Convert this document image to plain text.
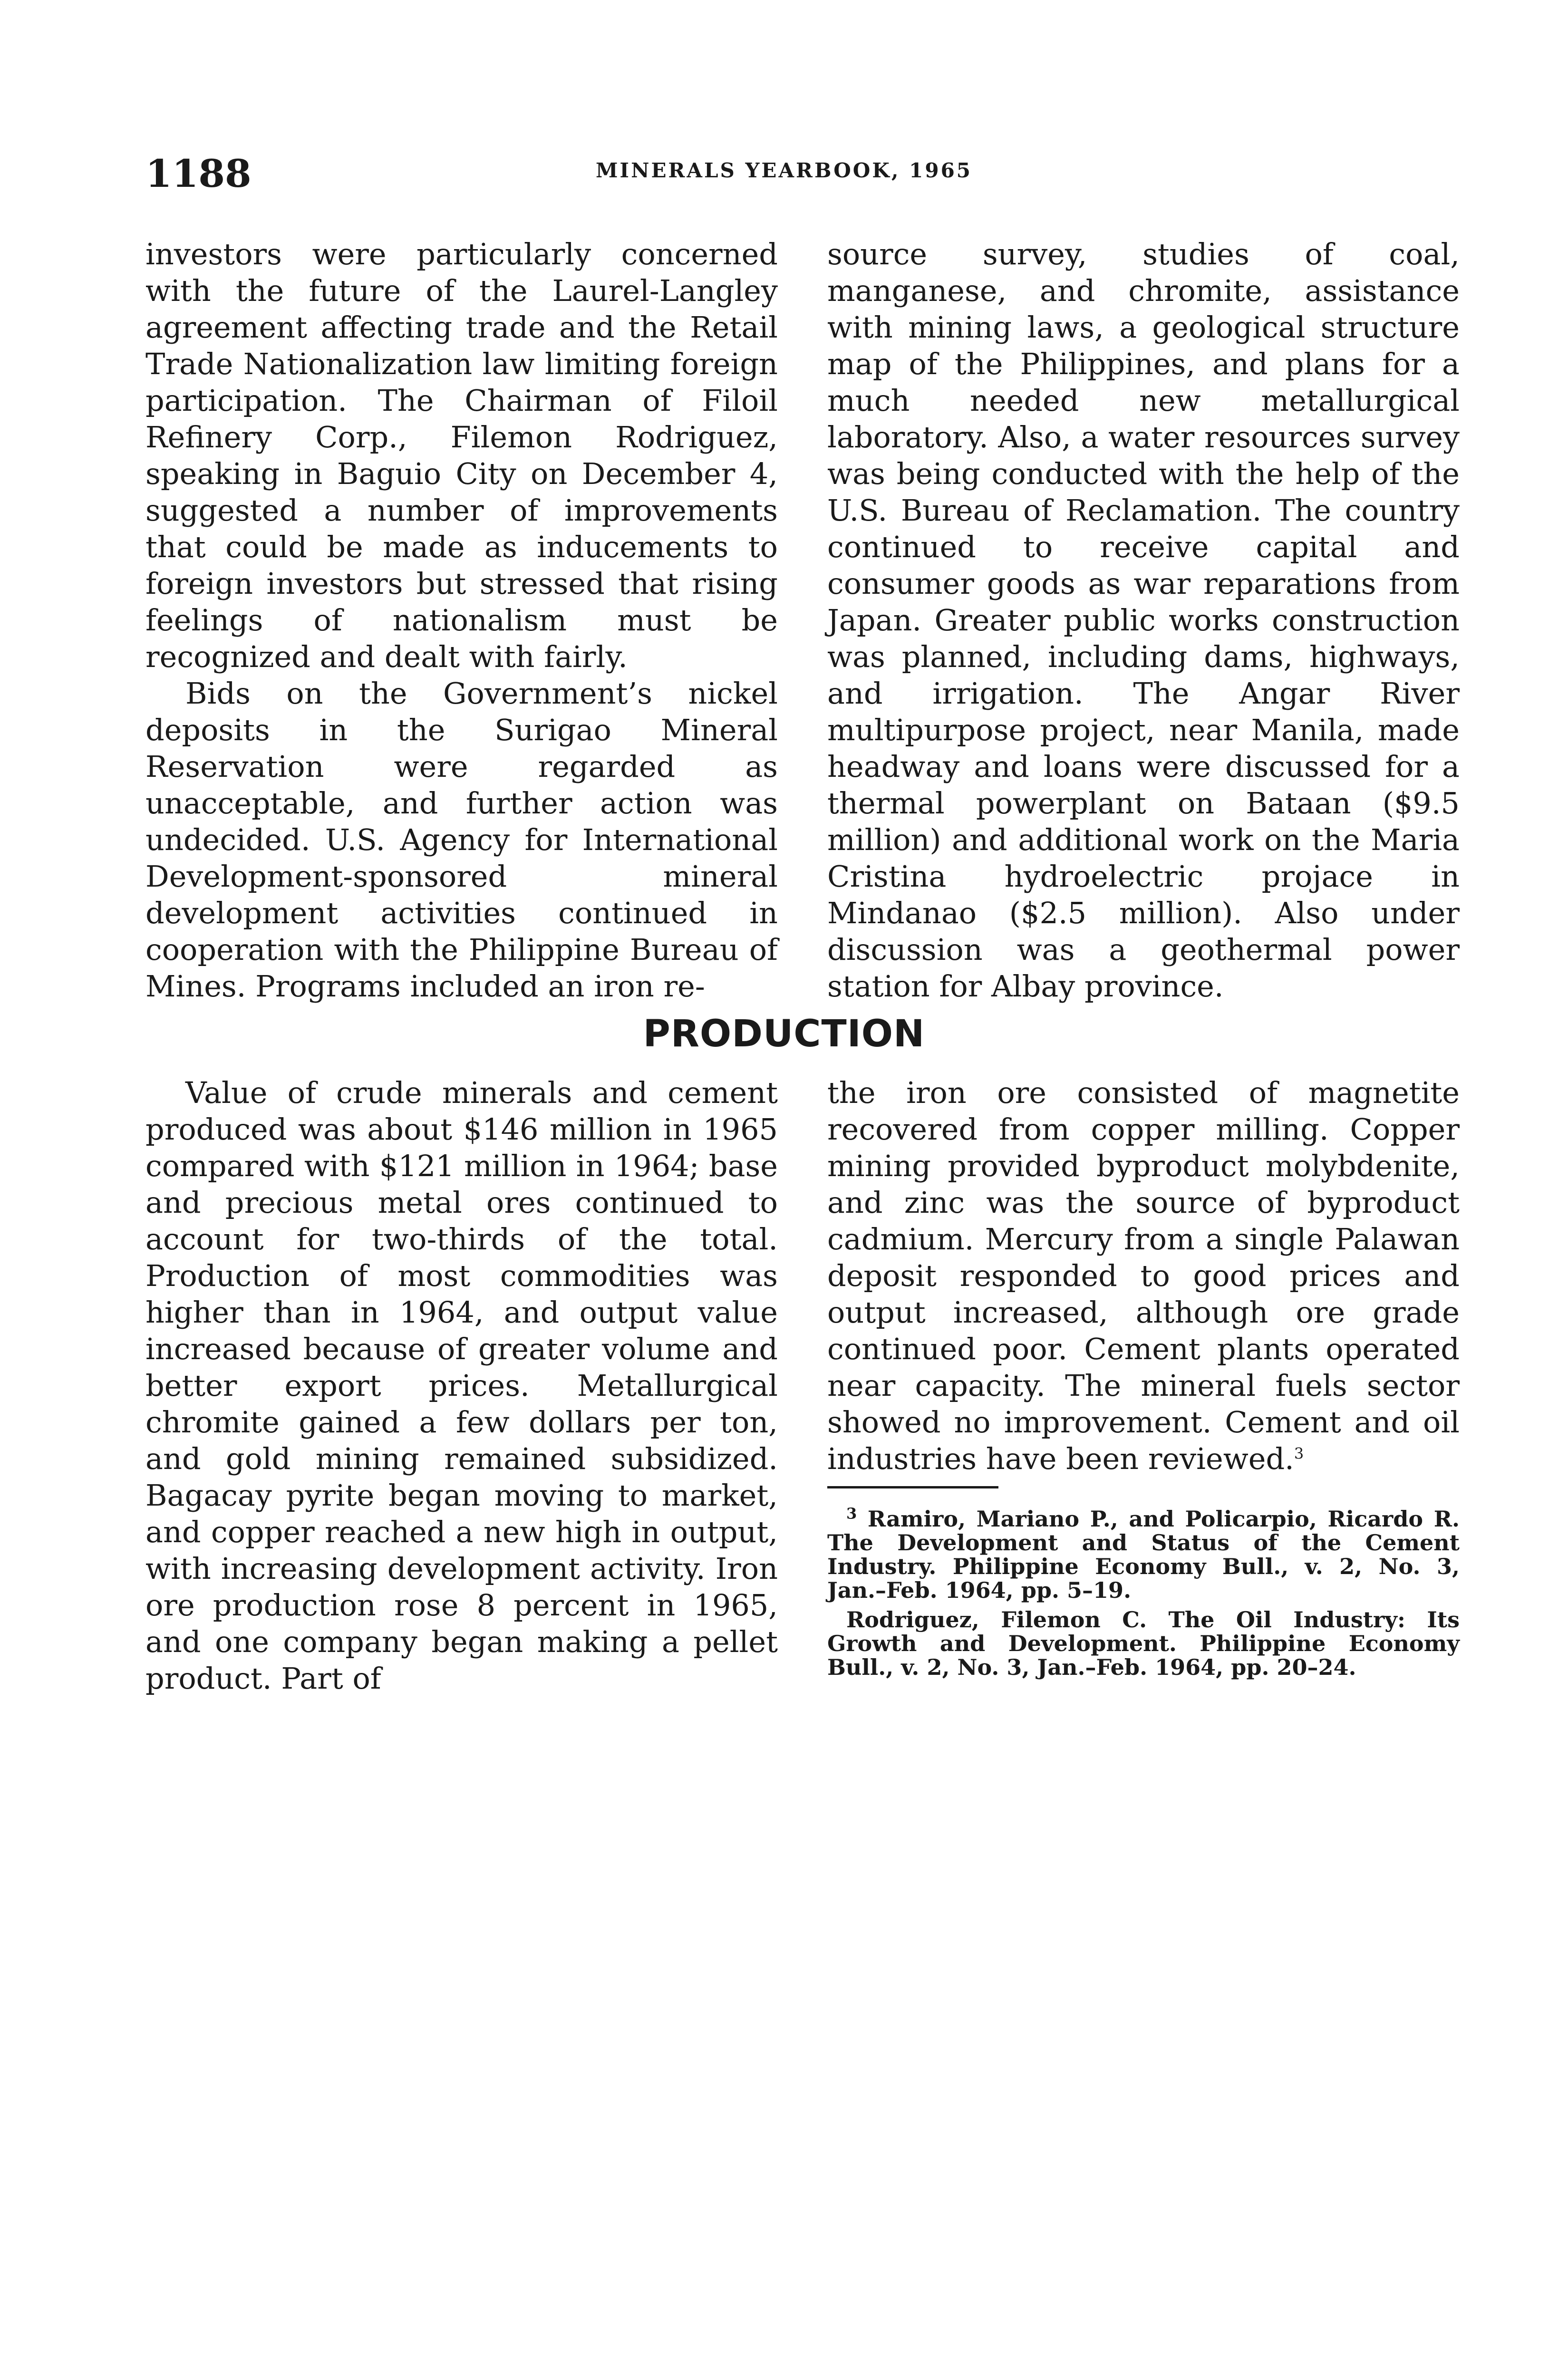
1188	MINERALS YEARBOOK, 1965

investors were particularly concerned with the future of the Laurel-Langley agreement affecting trade and the Retail Trade Nationalization law limiting foreign participation. The Chairman of Filoil Refinery Corp., Filemon Rodriguez, speaking in Baguio City on December 4, suggested a number of improvements that could be made as inducements to foreign investors but stressed that rising feelings of nationalism must be recognized and dealt with fairly.

Bids on the Government’s nickel deposits in the Surigao Mineral Reservation were regarded as unacceptable, and further action was undecided. U.S. Agency for International Development-sponsored mineral development activities continued in cooperation with the Philippine Bureau of Mines. Programs included an iron re-

source survey, studies of coal, manganese, and chromite, assistance with mining laws, a geological structure map of the Philippines, and plans for a much needed new metallurgical laboratory. Also, a water resources survey was being conducted with the help of the U.S. Bureau of Reclamation. The country continued to receive capital and consumer goods as war reparations from Japan. Greater public works construction was planned, including dams, highways, and irrigation. The Angar River multipurpose project, near Manila, made headway and loans were discussed for a thermal powerplant on Bataan ($9.5 million) and additional work on the Maria Cristina hydroelectric projace in Mindanao ($2.5 million). Also under discussion was a geothermal power station for Albay province.

PRODUCTION

Value of crude minerals and cement produced was about $146 million in 1965 compared with $121 million in 1964; base and precious metal ores continued to account for two-thirds of the total. Production of most commodities was higher than in 1964, and output value increased because of greater volume and better export prices. Metallurgical chromite gained a few dollars per ton, and gold mining remained subsidized. Bagacay pyrite began moving to market, and copper reached a new high in output, with increasing development activity. Iron ore production rose 8 percent in 1965, and one company began making a pellet product. Part of

the iron ore consisted of magnetite recovered from copper milling. Copper mining provided byproduct molybdenite, and zinc was the source of byproduct cadmium. Mercury from a single Palawan deposit responded to good prices and output increased, although ore grade continued poor. Cement plants operated near capacity. The mineral fuels sector showed no improvement. Cement and oil industries have been reviewed.$^3$

$^3$ Ramiro, Mariano P., and Policarpio, Ricardo R. The Development and Status of the Cement Industry. Philippine Economy Bull., v. 2, No. 3, Jan.–Feb. 1964, pp. 5–19.

Rodriguez, Filemon C. The Oil Industry: Its Growth and Development. Philippine Economy Bull., v. 2, No. 3, Jan.–Feb. 1964, pp. 20–24.
